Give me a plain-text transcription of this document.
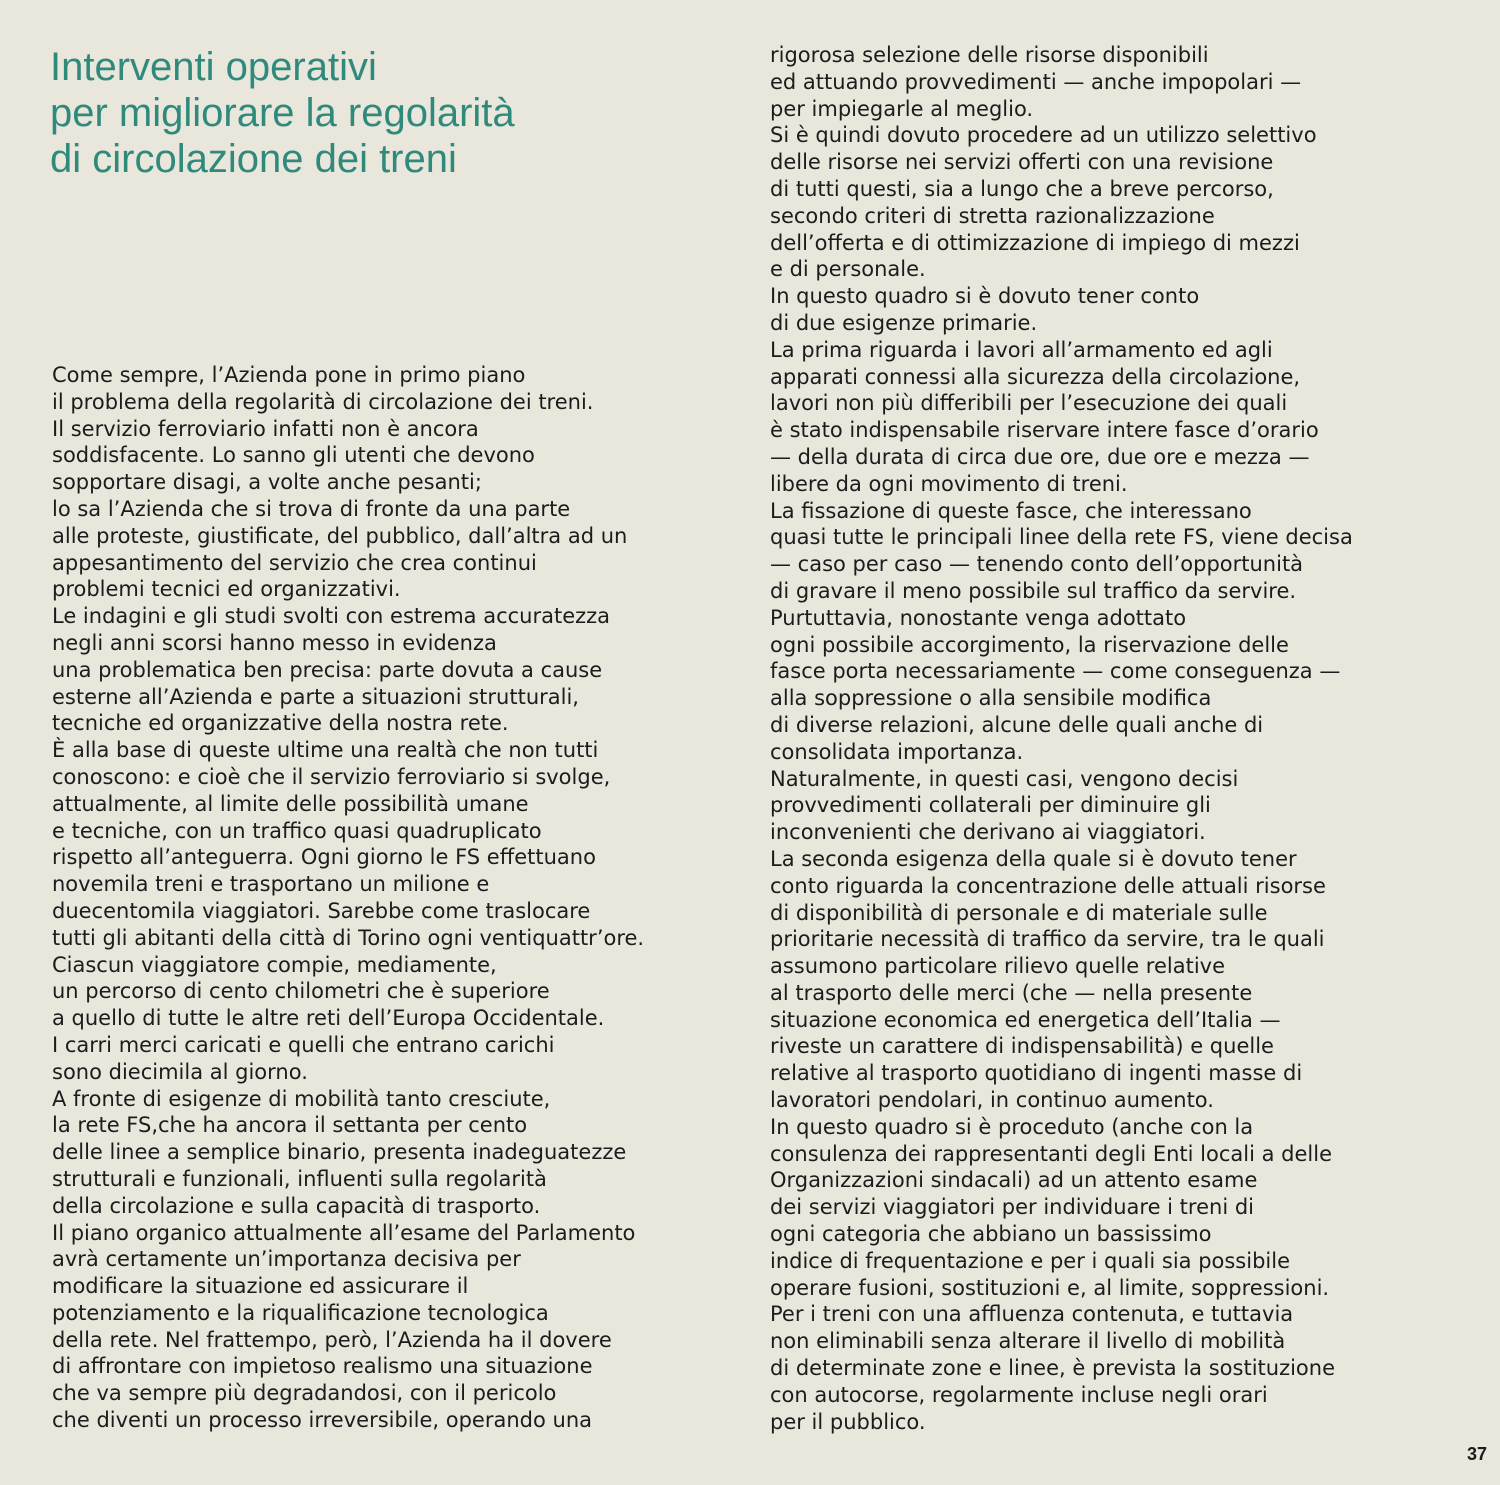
Interventi operativi
per migliorare la regolarità
di circolazione dei treni
Come sempre, l’Azienda pone in primo piano
il problema della regolarità di circolazione dei treni.
Il servizio ferroviario infatti non è ancora
soddisfacente. Lo sanno gli utenti che devono
sopportare disagi, a volte anche pesanti;
lo sa l’Azienda che si trova di fronte da una parte
alle proteste, giustificate, del pubblico, dall’altra ad un
appesantimento del servizio che crea continui
problemi tecnici ed organizzativi.
Le indagini e gli studi svolti con estrema accuratezza
negli anni scorsi hanno messo in evidenza
una problematica ben precisa: parte dovuta a cause
esterne all’Azienda e parte a situazioni strutturali,
tecniche ed organizzative della nostra rete.
È alla base di queste ultime una realtà che non tutti
conoscono: e cioè che il servizio ferroviario si svolge,
attualmente, al limite delle possibilità umane
e tecniche, con un traffico quasi quadruplicato
rispetto all’anteguerra. Ogni giorno le FS effettuano
novemila treni e trasportano un milione e
duecentomila viaggiatori. Sarebbe come traslocare
tutti gli abitanti della città di Torino ogni ventiquattr’ore.
Ciascun viaggiatore compie, mediamente,
un percorso di cento chilometri che è superiore
a quello di tutte le altre reti dell’Europa Occidentale.
I carri merci caricati e quelli che entrano carichi
sono diecimila al giorno.
A fronte di esigenze di mobilità tanto cresciute,
la rete FS,che ha ancora il settanta per cento
delle linee a semplice binario, presenta inadeguatezze
strutturali e funzionali, influenti sulla regolarità
della circolazione e sulla capacità di trasporto.
Il piano organico attualmente all’esame del Parlamento
avrà certamente un’importanza decisiva per
modificare la situazione ed assicurare il
potenziamento e la riqualificazione tecnologica
della rete. Nel frattempo, però, l’Azienda ha il dovere
di affrontare con impietoso realismo una situazione
che va sempre più degradandosi, con il pericolo
che diventi un processo irreversibile, operando una
rigorosa selezione delle risorse disponibili
ed attuando provvedimenti — anche impopolari —
per impiegarle al meglio.
Si è quindi dovuto procedere ad un utilizzo selettivo
delle risorse nei servizi offerti con una revisione
di tutti questi, sia a lungo che a breve percorso,
secondo criteri di stretta razionalizzazione
dell’offerta e di ottimizzazione di impiego di mezzi
e di personale.
In questo quadro si è dovuto tener conto
di due esigenze primarie.
La prima riguarda i lavori all’armamento ed agli
apparati connessi alla sicurezza della circolazione,
lavori non più differibili per l’esecuzione dei quali
è stato indispensabile riservare intere fasce d’orario
— della durata di circa due ore, due ore e mezza —
libere da ogni movimento di treni.
La fissazione di queste fasce, che interessano
quasi tutte le principali linee della rete FS, viene decisa
— caso per caso — tenendo conto dell’opportunità
di gravare il meno possibile sul traffico da servire.
Purtuttavia, nonostante venga adottato
ogni possibile accorgimento, la riservazione delle
fasce porta necessariamente — come conseguenza —
alla soppressione o alla sensibile modifica
di diverse relazioni, alcune delle quali anche di
consolidata importanza.
Naturalmente, in questi casi, vengono decisi
provvedimenti collaterali per diminuire gli
inconvenienti che derivano ai viaggiatori.
La seconda esigenza della quale si è dovuto tener
conto riguarda la concentrazione delle attuali risorse
di disponibilità di personale e di materiale sulle
prioritarie necessità di traffico da servire, tra le quali
assumono particolare rilievo quelle relative
al trasporto delle merci (che — nella presente
situazione economica ed energetica dell’Italia —
riveste un carattere di indispensabilità) e quelle
relative al trasporto quotidiano di ingenti masse di
lavoratori pendolari, in continuo aumento.
In questo quadro si è proceduto (anche con la
consulenza dei rappresentanti degli Enti locali a delle
Organizzazioni sindacali) ad un attento esame
dei servizi viaggiatori per individuare i treni di
ogni categoria che abbiano un bassissimo
indice di frequentazione e per i quali sia possibile
operare fusioni, sostituzioni e, al limite, soppressioni.
Per i treni con una affluenza contenuta, e tuttavia
non eliminabili senza alterare il livello di mobilità
di determinate zone e linee, è prevista la sostituzione
con autocorse, regolarmente incluse negli orari
per il pubblico.
37
